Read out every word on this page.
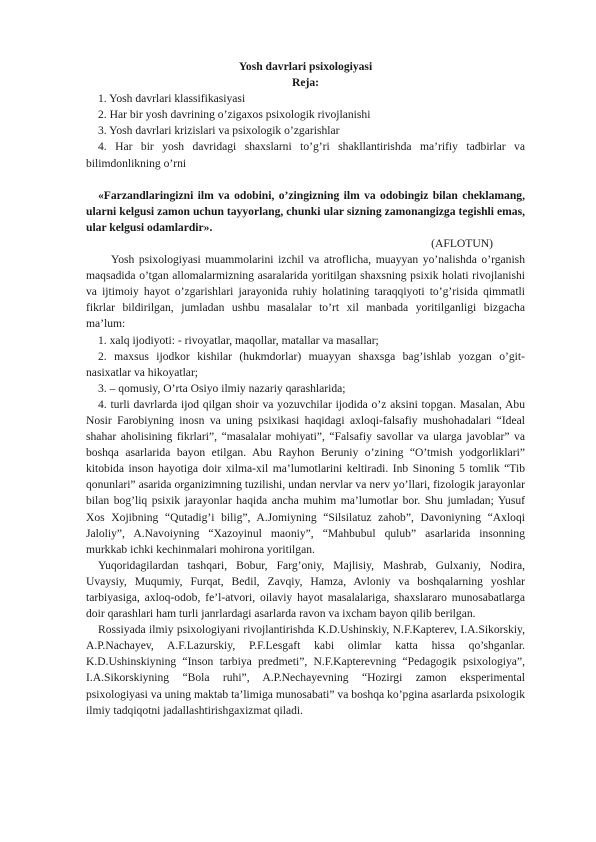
Yosh davrlari psixologiyasi

Reja:

1. Yosh davrlari klassifikasiyasi

2. Har bir yosh davrining o’zigaxos psixologik rivojlanishi

3. Yosh davrlari krizislari va psixologik o’zgarishlar

4. Har bir yosh davridagi shaxslarni to’g’ri shakllantirishda ma’rifiy tadbirlar va bilimdonlikning o’rni

«Farzandlaringizni ilm va odobini, o’zingizning ilm va odobingiz bilan cheklamang, ularni kelgusi zamon uchun tayyorlang, chunki ular sizning zamonangizga tegishli emas, ular kelgusi odamlardir».

(AFLOTUN)

Yosh psixologiyasi muammolarini izchil va atroflicha, muayyan yo’nalishda o’rganish maqsadida o’tgan allomalarmizning asaralarida yoritilgan shaxsning psixik holati rivojlanishi va ijtimoiy hayot o’zgarishlari jarayonida ruhiy holatining taraqqiyoti to’g’risida qimmatli fikrlar bildirilgan, jumladan ushbu masalalar to’rt xil manbada yoritilganligi bizgacha ma’lum:

1. xalq ijodiyoti: - rivoyatlar, maqollar, matallar va masallar;

2. maxsus ijodkor kishilar (hukmdorlar) muayyan shaxsga bag’ishlab yozgan o’git-nasixatlar va hikoyatlar;

3. – qomusiy, O’rta Osiyo ilmiy nazariy qarashlarida;

4. turli davrlarda ijod qilgan shoir va yozuvchilar ijodida o’z aksini topgan. Masalan, Abu Nosir Farobiyning inosn va uning psixikasi haqidagi axloqi-falsafiy mushohadalari “Ideal shahar aholisining fikrlari”, “masalalar mohiyati”, “Falsafiy savollar va ularga javoblar” va boshqa asarlarida bayon etilgan. Abu Rayhon Beruniy o’zining “O’tmish yodgorliklari” kitobida inson hayotiga doir xilma-xil ma’lumotlarini keltiradi. Inb Sinoning 5 tomlik “Tib qonunlari” asarida organizimning tuzilishi, undan nervlar va nerv yo’llari, fizologik jarayonlar bilan bog’liq psixik jarayonlar haqida ancha muhim ma’lumotlar bor. Shu jumladan; Yusuf Xos Xojibning “Qutadig’i bilig”, A.Jomiyning “Silsilatuz zahob”, Davoniyning “Axloqi Jaloliy”, A.Navoiyning “Xazoyinul maoniy”, “Mahbubul qulub” asarlarida insonning murkkab ichki kechinmalari mohirona yoritilgan.

Yuqoridagilardan tashqari, Bobur, Farg’oniy, Majlisiy, Mashrab, Gulxaniy, Nodira, Uvaysiy, Muqumiy, Furqat, Bedil, Zavqiy, Hamza, Avloniy va boshqalarning yoshlar tarbiyasiga, axloq-odob, fe’l-atvori, oilaviy hayot masalalariga, shaxslararo munosabatlarga doir qarashlari ham turli janrlardagi asarlarda ravon va ixcham bayon qilib berilgan.

Rossiyada ilmiy psixologiyani rivojlantirishda K.D.Ushinskiy, N.F.Kapterev, I.A.Sikorskiy, A.P.Nachayev, A.F.Lazurskiy, P.F.Lesgaft kabi olimlar katta hissa qo’shganlar. K.D.Ushinskiyning “Inson tarbiya predmeti”, N.F.Kapterevning “Pedagogik psixologiya”, I.A.Sikorskiyning “Bola ruhi”, A.P.Nechayevning “Hozirgi zamon eksperimental psixologiyasi va uning maktab ta’limiga munosabati” va boshqa ko’pgina asarlarda psixologik ilmiy tadqiqotni jadallashtirishgaxizmat qiladi.
